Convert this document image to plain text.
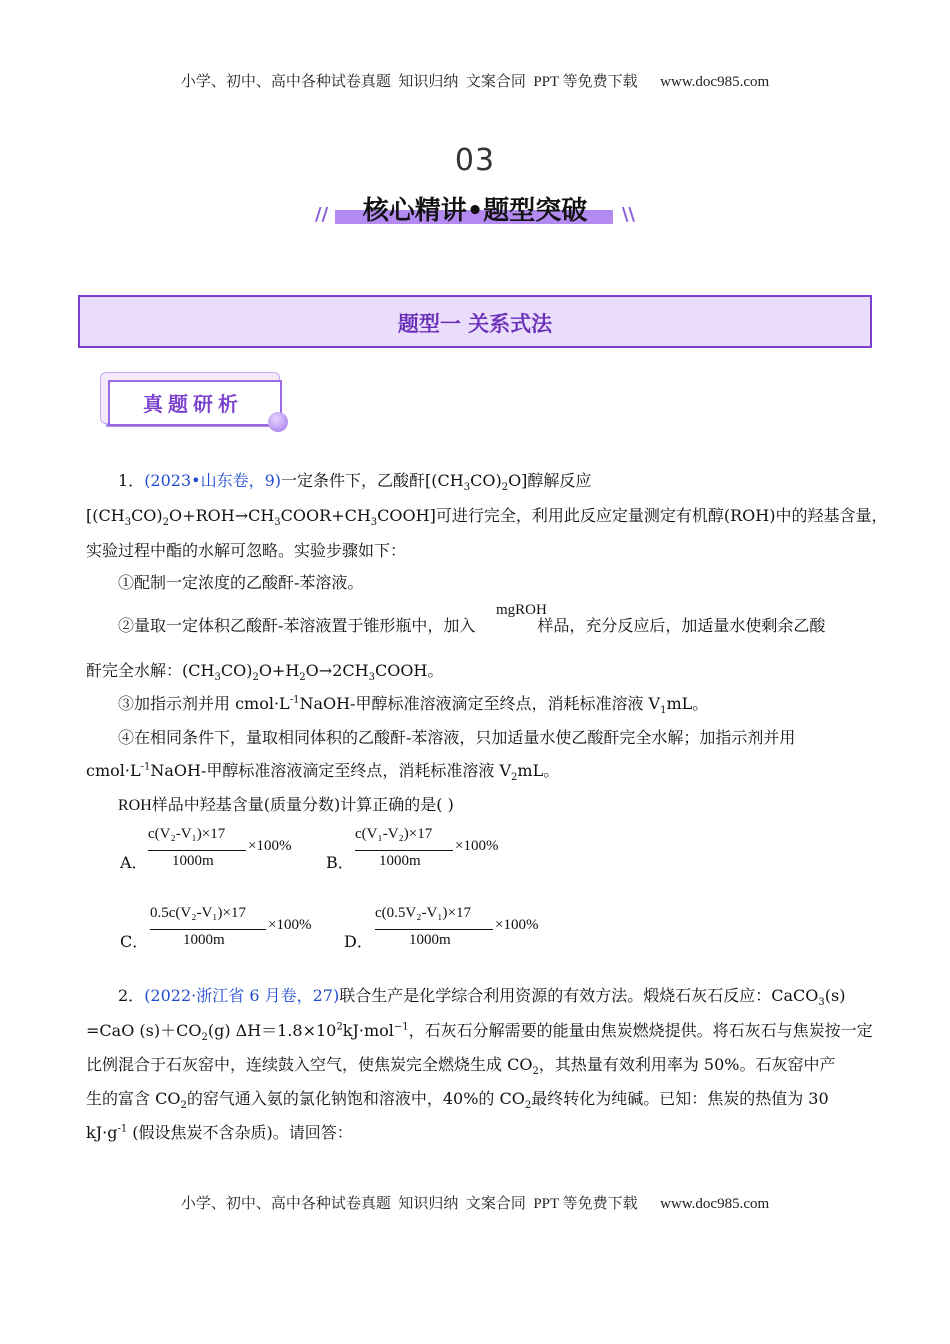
小学、初中、高中各种试卷真题  知识归纳  文案合同  PPT 等免费下载      www.doc985.com
03
//	核心精讲•题型突破	\\
题型一 关系式法
真题研析
1．(2023•山东卷，9)一定条件下，乙酸酐$[(CH_3CO)_2O]$醇解反应
$[(CH_3CO)_2O+ROH\to CH_3COOR+CH_3COOH]$可进行完全，利用此反应定量测定有机醇(ROH)中的羟基含量，
实验过程中酯的水解可忽略。实验步骤如下：
①配制一定浓度的乙酸酐-苯溶液。
②量取一定体积乙酸酐-苯溶液置于锥形瓶中，加入	样品，充分反应后，加适量水使剩余乙酸
mgROH
酐完全水解：$(CH_3CO)_2O+H_2O\to 2CH_3COOH$。
③加指示剂并用 $cmol\cdot L^{-1}NaOH-$甲醇标准溶液滴定至终点，消耗标准溶液 $V_1mL$。
④在相同条件下，量取相同体积的乙酸酐-苯溶液，只加适量水使乙酸酐完全水解；加指示剂并用
$cmol\cdot L^{-1}NaOH-$甲醇标准溶液滴定至终点，消耗标准溶液 $V_2mL$。
ROH样品中羟基含量(质量分数)计算正确的是( )
A．
c(V₂-V₁)×17
1000m
×100%
B．
c(V₁-V₂)×17
1000m
×100%
C．
0.5c(V₂-V₁)×17
1000m
×100%
D．
c(0.5V₂-V₁)×17
1000m
×100%
2．(2022·浙江省 6 月卷，27)联合生产是化学综合利用资源的有效方法。煅烧石灰石反应：CaCO$_3$(s)
=CaO $(s)+CO_2(g)$ $\Delta H=1.8\times 10^2kJ\cdot mol^{-1}$，石灰石分解需要的能量由焦炭燃烧提供。将石灰石与焦炭按一定
比例混合于石灰窑中，连续鼓入空气，使焦炭完全燃烧生成 $CO_2$，其热量有效利用率为 50%。石灰窑中产
生的富含 $CO_2$的窑气通入氨的氯化钠饱和溶液中，40%的 $CO_2$最终转化为纯碱。已知：焦炭的热值为 30
$kJ\cdot g^{-1}$ (假设焦炭不含杂质)。请回答：
小学、初中、高中各种试卷真题  知识归纳  文案合同  PPT 等免费下载      www.doc985.com
